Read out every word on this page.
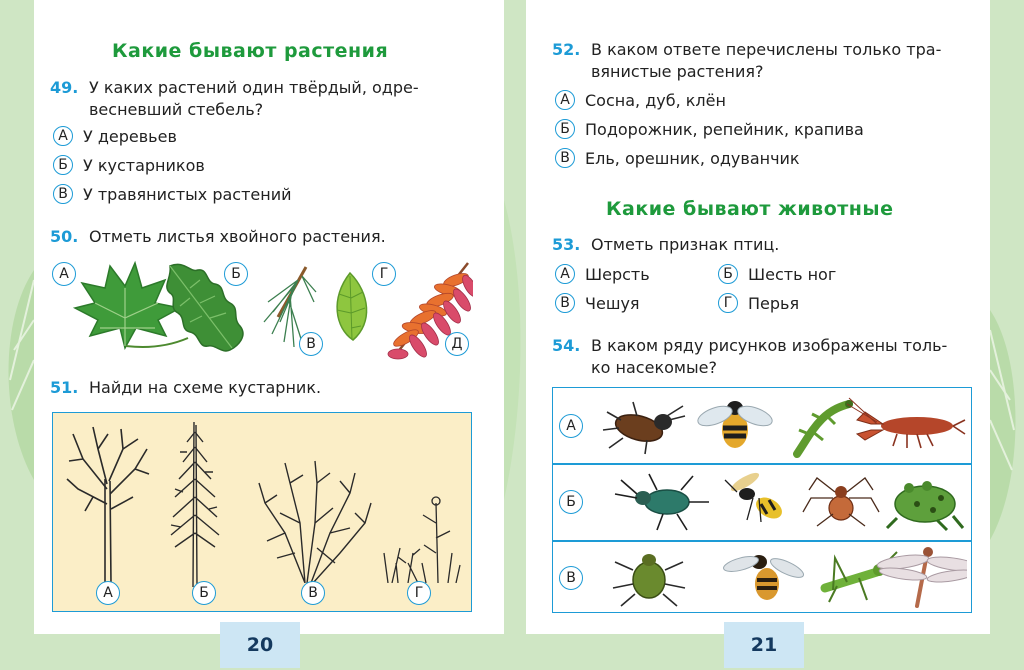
Какие бывают растения
49. У каких растений один твёрдый, одре-
весневший стебель?
А У деревьев
Б У кустарников
В У травянистых растений
50. Отметь листья хвойного растения.
В
А	Б	Г
Д
51. Найди на схеме кустарник.
А	Б	В	Г
20
52. В каком ответе перечислены только тра-
вянистые растения?
А Сосна, дуб, клён
Б Подорожник, репейник, крапива
В Ель, орешник, одуванчик
Какие бывают животные
53. Отметь признак птиц.
А Шерсть	Б Шесть ног
В Чешуя	Г Перья
54. В каком ряду рисунков изображены толь-
ко насекомые?
А
Б
В
21
